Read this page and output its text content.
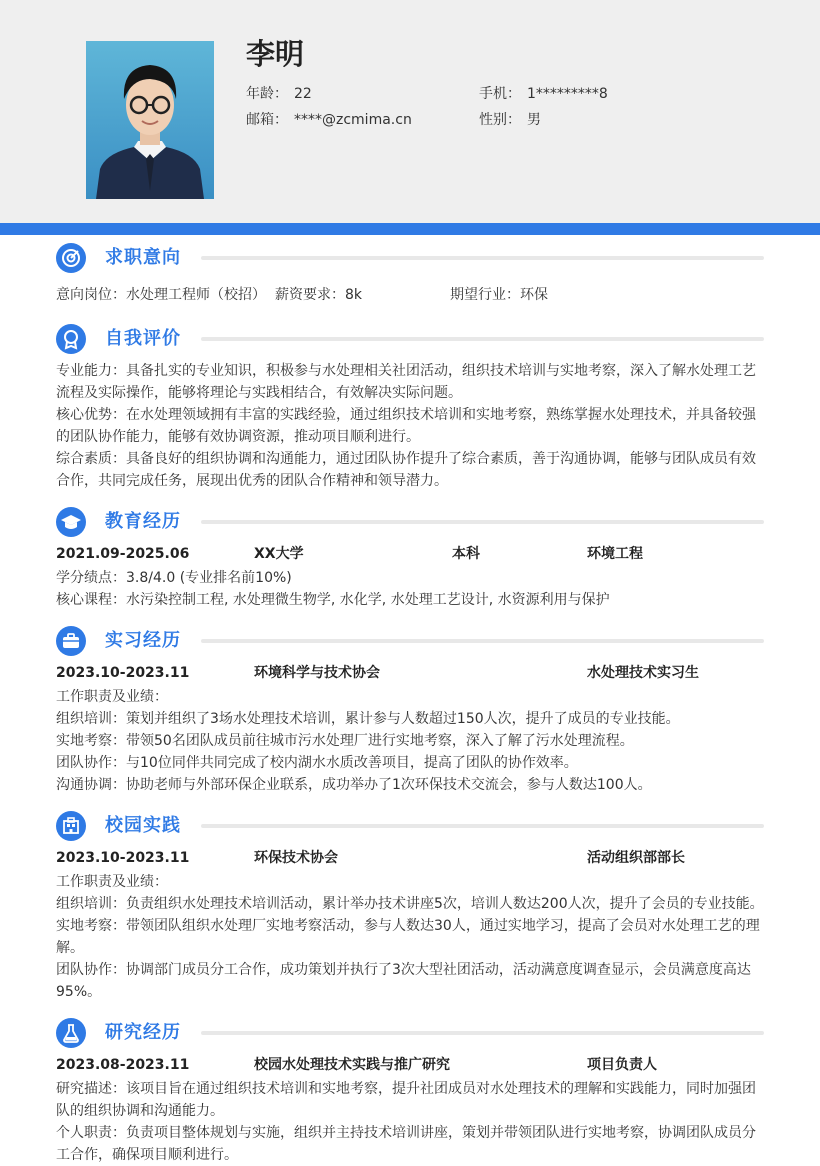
李明
年龄： 22	手机： 1*********8
邮箱： ****@zcmima.cn	性别： 男
求职意向
意向岗位：水处理工程师（校招） 薪资要求：8k	期望行业：环保
自我评价
专业能力：具备扎实的专业知识，积极参与水处理相关社团活动，组织技术培训与实地考察，深入了解水处理工艺流程及实际操作，能够将理论与实践相结合，有效解决实际问题。
核心优势：在水处理领域拥有丰富的实践经验，通过组织技术培训和实地考察，熟练掌握水处理技术，并具备较强的团队协作能力，能够有效协调资源，推动项目顺利进行。
综合素质：具备良好的组织协调和沟通能力，通过团队协作提升了综合素质，善于沟通协调，能够与团队成员有效合作，共同完成任务，展现出优秀的团队合作精神和领导潜力。
教育经历
2021.09-2025.06	XX大学	本科	环境工程
学分绩点：3.8/4.0 (专业排名前10%)
核心课程：水污染控制工程, 水处理微生物学, 水化学, 水处理工艺设计, 水资源利用与保护
实习经历
2023.10-2023.11	环境科学与技术协会	水处理技术实习生
工作职责及业绩：
组织培训：策划并组织了3场水处理技术培训，累计参与人数超过150人次，提升了成员的专业技能。
实地考察：带领50名团队成员前往城市污水处理厂进行实地考察，深入了解了污水处理流程。
团队协作：与10位同伴共同完成了校内湖水水质改善项目，提高了团队的协作效率。
沟通协调：协助老师与外部环保企业联系，成功举办了1次环保技术交流会，参与人数达100人。
校园实践
2023.10-2023.11	环保技术协会	活动组织部部长
工作职责及业绩：
组织培训：负责组织水处理技术培训活动，累计举办技术讲座5次，培训人数达200人次，提升了会员的专业技能。
实地考察：带领团队组织水处理厂实地考察活动，参与人数达30人，通过实地学习，提高了会员对水处理工艺的理解。
团队协作：协调部门成员分工合作，成功策划并执行了3次大型社团活动，活动满意度调查显示，会员满意度高达95%。
研究经历
2023.08-2023.11	校园水处理技术实践与推广研究	项目负责人
研究描述：该项目旨在通过组织技术培训和实地考察，提升社团成员对水处理技术的理解和实践能力，同时加强团队的组织协调和沟通能力。
个人职责：负责项目整体规划与实施，组织并主持技术培训讲座，策划并带领团队进行实地考察，协调团队成员分工合作，确保项目顺利进行。
